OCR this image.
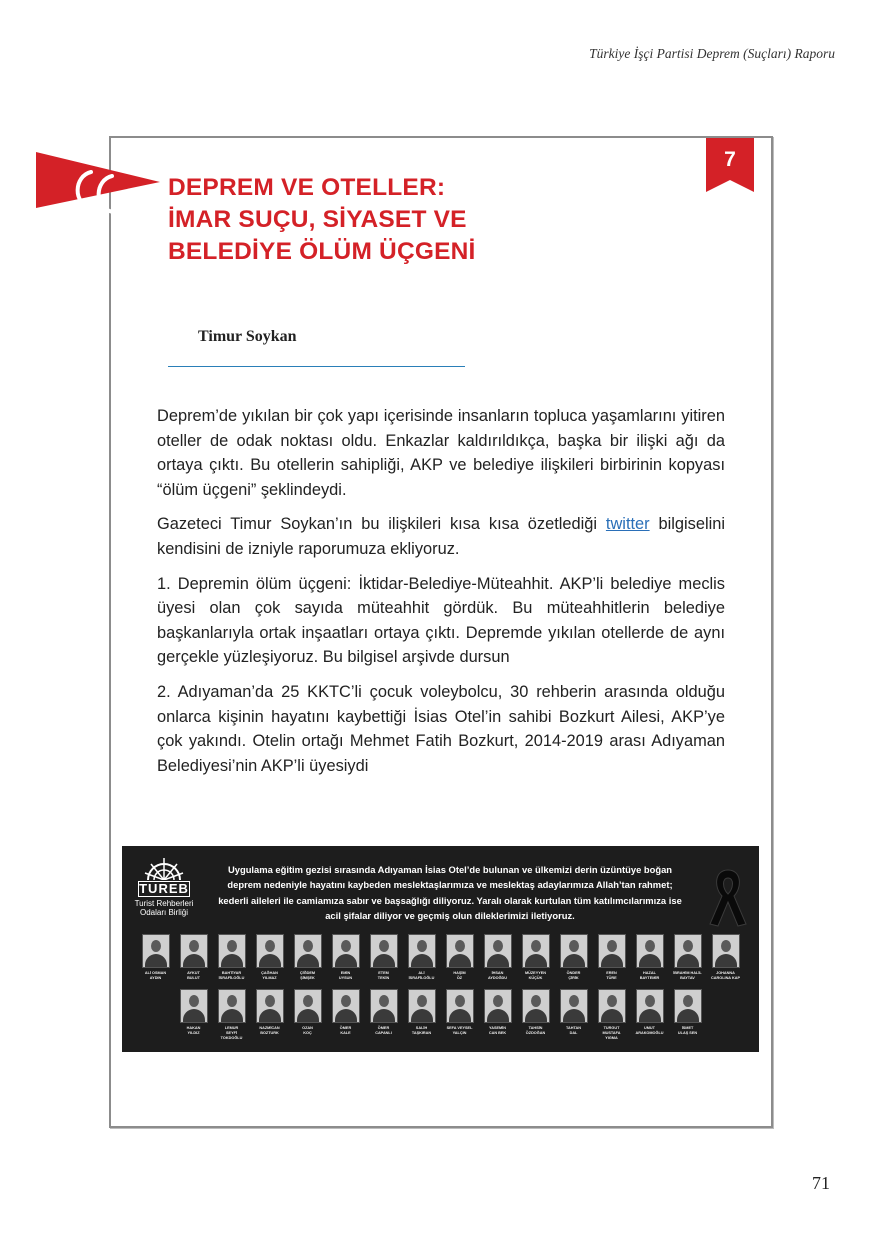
Türkiye İşçi Partisi Deprem (Suçları) Raporu
7
DEPREM VE OTELLER:
İMAR SUÇU, SİYASET VE
BELEDİYE ÖLÜM ÜÇGENİ
Timur Soykan

Deprem’de yıkılan bir çok yapı içerisinde insanların topluca yaşamlarını yitiren oteller de odak noktası oldu. Enkazlar kaldırıldıkça, başka bir ilişki ağı da ortaya çıktı. Bu otellerin sahipliği, AKP ve belediye ilişkileri birbirinin kopyası “ölüm üçgeni” şeklindeydi.

Gazeteci Timur Soykan’ın bu ilişkileri kısa kısa özetlediği twitter bilgiselini kendisini de izniyle raporumuza ekliyoruz.

1. Depremin ölüm üçgeni: İktidar-Belediye-Müteahhit. AKP’li belediye meclis üyesi olan çok sayıda müteahhit gördük. Bu müteahhitlerin belediye başkanlarıyla ortak inşaatları ortaya çıktı. Depremde yıkılan otellerde de aynı gerçekle yüzleşiyoruz. Bu bilgisel arşivde dursun

2. Adıyaman’da 25 KKTC’li çocuk voleybolcu, 30 rehberin arasında olduğu onlarca kişinin hayatını kaybettiği İsias Otel’in sahibi Bozkurt Ailesi, AKP’ye çok yakındı. Otelin ortağı Mehmet Fatih Bozkurt, 2014-2019 arası Adıyaman Belediyesi’nin AKP’li üyesiydi

TUREB
Turist Rehberleri
Odaları Birliği
Uygulama eğitim gezisi sırasında Adıyaman İsias Otel’de bulunan ve ülkemizi derin üzüntüye boğan
deprem nedeniyle hayatını kaybeden meslektaşlarımıza ve meslektaş adaylarımıza Allah’tan rahmet;
kederli aileleri ile camiamıza sabır ve başsağlığı diliyoruz. Yaralı olarak kurtulan tüm katılımcılarımıza ise
acil şifalar diliyor ve geçmiş olun dileklerimizi iletiyoruz.
ALİ OSMAN
AYDIN
AYKUT
BULUT
BAHTİYAR
İSRAFİLOĞLU
ÇAĞHAN
YILMAZ
ÇİĞDEM
ŞİMŞEK
EMİN
UYSUN
ETEM
TEKİN
ALİ
İSRAFİLOĞLU
HAŞİM
ÖZ
İHSAN
AYDOĞDU
MÜZEYYEN
KÜÇÜK
ÖNDER
ÇİRİK
EREN
TÜRE
HAZAL
BAYTEMİR
İBRAHİM HALİL
BAYTAV
JOHANNA
CAROLINA KAP
HAKAN
YILDIZ
LEMUR
SEYFİ TOKDOĞLU
NAZMİCAN
BOZTURK
OZAN
KOÇ
ÖMER
KALE
ÖMER
CAPANLI
SALİH
TAŞKIRAN
SEFA VEYSEL
YALÇIN
YASEMİN
CAN BEK
TAHSİN
ÖZDOĞAN
TAHTAN
DAL
TURGUT
MUSTAFA YIGMA
UMUT
ARAKOMOĞLU
İSMET
ULAŞ SEN
71
